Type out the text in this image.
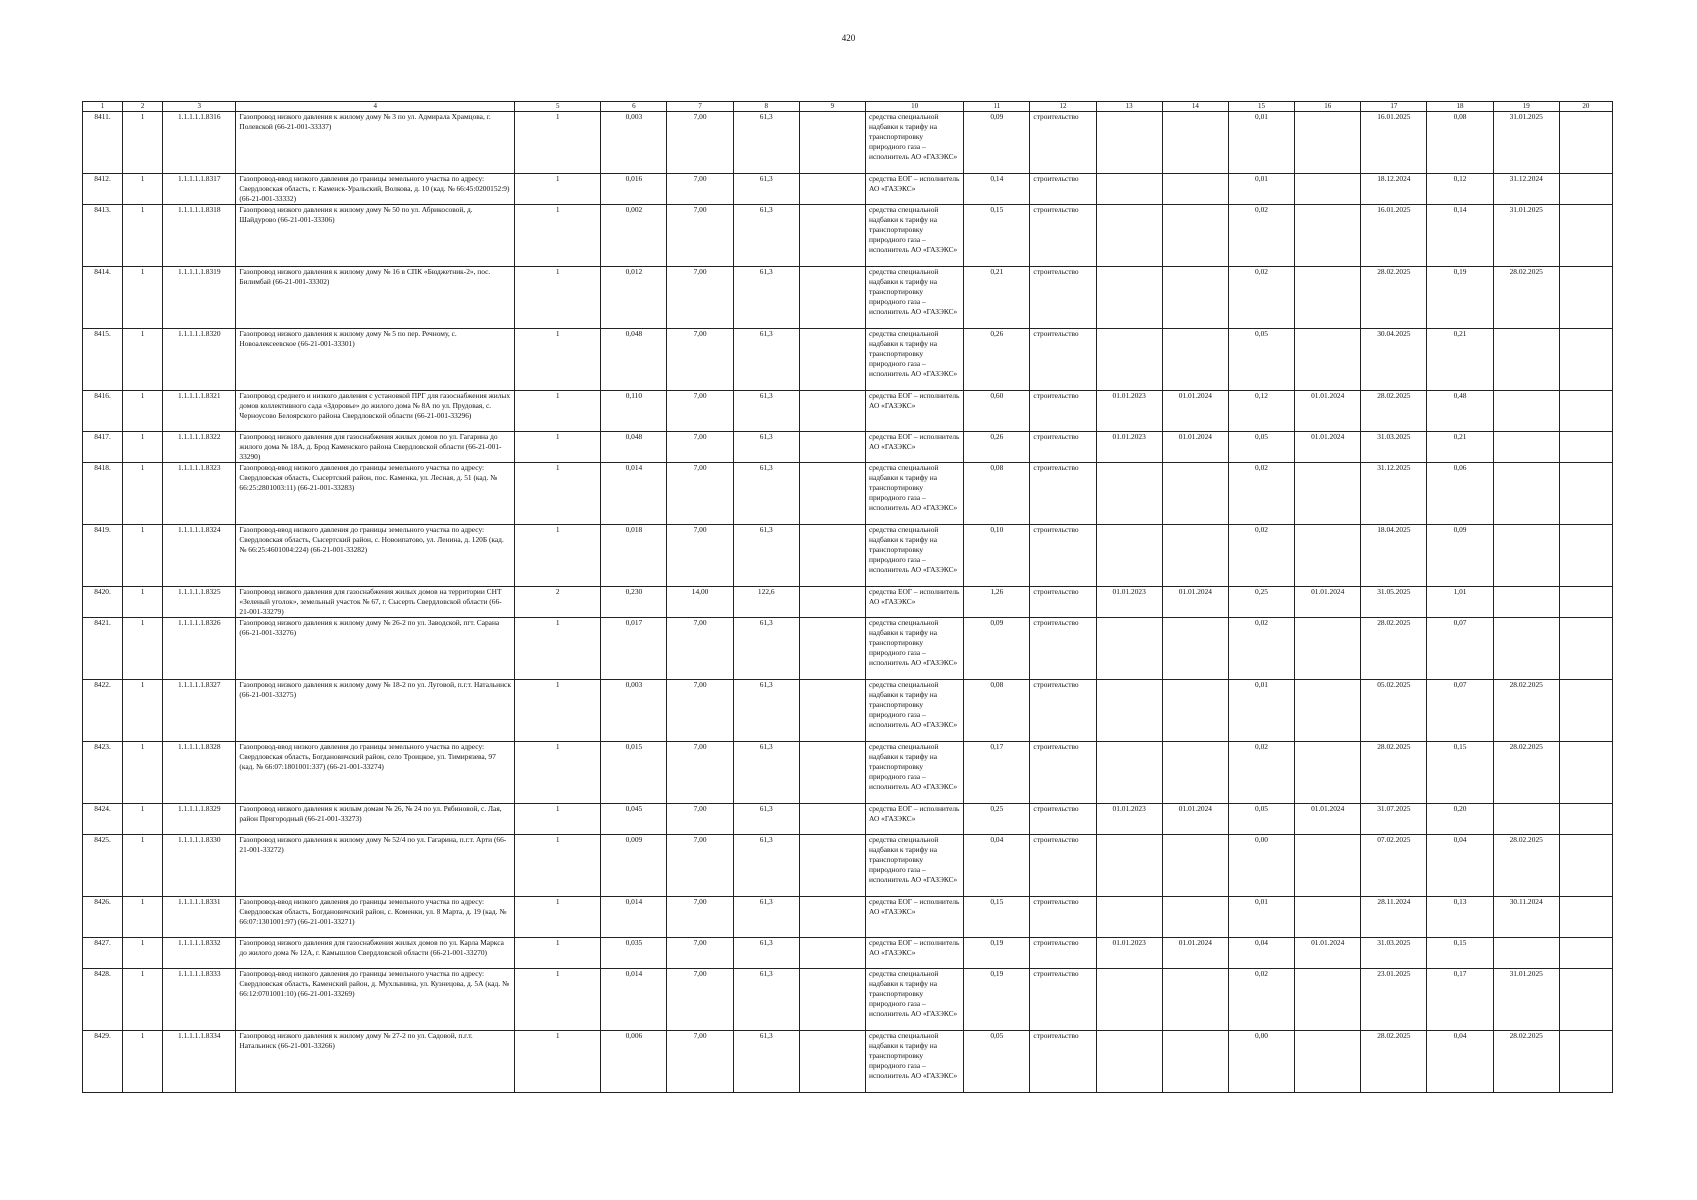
420
1	2	3	4	5	6	7	8	9	10	11	12	13	14	15	16	17	18	19	20
8411.	1	1.1.1.1.1.8316	Газопровод низкого давления к жилому дому № 3 по ул. Адмирала Храмцова, г. Полевской (66-21-001-33337)	1	0,003	7,00	61,3		средства специальной надбавки к тарифу на транспортировку природного газа – исполнитель АО «ГАЗЭКС»	0,09	строительство			0,01		16.01.2025	0,08	31.01.2025	
8412.	1	1.1.1.1.1.8317	Газопровод-ввод низкого давления до границы земельного участка по адресу: Свердловская область, г. Каменск-Уральский, Волкова, д. 10 (кад. № 66:45:0200152:9) (66-21-001-33332)	1	0,016	7,00	61,3		средства ЕОГ – исполнитель АО «ГАЗЭКС»	0,14	строительство			0,01		18.12.2024	0,12	31.12.2024	
8413.	1	1.1.1.1.1.8318	Газопровод низкого давления к жилому дому № 50 по ул. Абрикосовой, д. Шайдурово (66-21-001-33306)	1	0,002	7,00	61,3		средства специальной надбавки к тарифу на транспортировку природного газа – исполнитель АО «ГАЗЭКС»	0,15	строительство			0,02		16.01.2025	0,14	31.01.2025	
8414.	1	1.1.1.1.1.8319	Газопровод низкого давления к жилому дому № 16 в СПК «Бюджетник-2», пос. Билимбай (66-21-001-33302)	1	0,012	7,00	61,3		средства специальной надбавки к тарифу на транспортировку природного газа – исполнитель АО «ГАЗЭКС»	0,21	строительство			0,02		28.02.2025	0,19	28.02.2025	
8415.	1	1.1.1.1.1.8320	Газопровод низкого давления к жилому дому № 5 по пер. Речному, с. Новоалексеевское (66-21-001-33301)	1	0,048	7,00	61,3		средства специальной надбавки к тарифу на транспортировку природного газа – исполнитель АО «ГАЗЭКС»	0,26	строительство			0,05		30.04.2025	0,21		
8416.	1	1.1.1.1.1.8321	Газопровод среднего и низкого давления с установкой ПРГ для газоснабжения жилых домов коллективного сада «Здоровье» до жилого дома № 8А по ул. Прудовая, с. Черноусово Белоярского района Свердловской области (66-21-001-33296)	1	0,110	7,00	61,3		средства ЕОГ – исполнитель АО «ГАЗЭКС»	0,60	строительство	01.01.2023	01.01.2024	0,12	01.01.2024	28.02.2025	0,48		
8417.	1	1.1.1.1.1.8322	Газопровод низкого давления для газоснабжения жилых домов по ул. Гагарина до жилого дома № 18А, д. Брод Каменского района Свердловской области (66-21-001-33290)	1	0,048	7,00	61,3		средства ЕОГ – исполнитель АО «ГАЗЭКС»	0,26	строительство	01.01.2023	01.01.2024	0,05	01.01.2024	31.03.2025	0,21		
8418.	1	1.1.1.1.1.8323	Газопровод-ввод низкого давления до границы земельного участка по адресу: Свердловская область, Сысертский район, пос. Каменка, ул. Лесная, д. 51 (кад. № 66:25:2801003:11) (66-21-001-33283)	1	0,014	7,00	61,3		средства специальной надбавки к тарифу на транспортировку природного газа – исполнитель АО «ГАЗЭКС»	0,08	строительство			0,02		31.12.2025	0,06		
8419.	1	1.1.1.1.1.8324	Газопровод-ввод низкого давления до границы земельного участка по адресу: Свердловская область, Сысертский район, с. Новоипатово, ул. Ленина, д. 120Б (кад. № 66:25:4601004:224) (66-21-001-33282)	1	0,018	7,00	61,3		средства специальной надбавки к тарифу на транспортировку природного газа – исполнитель АО «ГАЗЭКС»	0,10	строительство			0,02		18.04.2025	0,09		
8420.	1	1.1.1.1.1.8325	Газопровод низкого давления для газоснабжения жилых домов на территории СНТ «Зеленый уголок», земельный участок № 67, г. Сысерть Свердловской области (66-21-001-33279)	2	0,230	14,00	122,6		средства ЕОГ – исполнитель АО «ГАЗЭКС»	1,26	строительство	01.01.2023	01.01.2024	0,25	01.01.2024	31.05.2025	1,01		
8421.	1	1.1.1.1.1.8326	Газопровод низкого давления к жилому дому № 26-2 по ул. Заводской, пгт. Сарана (66-21-001-33276)	1	0,017	7,00	61,3		средства специальной надбавки к тарифу на транспортировку природного газа – исполнитель АО «ГАЗЭКС»	0,09	строительство			0,02		28.02.2025	0,07		
8422.	1	1.1.1.1.1.8327	Газопровод низкого давления к жилому дому № 18-2 по ул. Луговой, п.г.т. Натальинск (66-21-001-33275)	1	0,003	7,00	61,3		средства специальной надбавки к тарифу на транспортировку природного газа – исполнитель АО «ГАЗЭКС»	0,08	строительство			0,01		05.02.2025	0,07	28.02.2025	
8423.	1	1.1.1.1.1.8328	Газопровод-ввод низкого давления до границы земельного участка по адресу: Свердловская область, Богдановичский район, село Троицкое, ул. Тимирязева, 97 (кад. № 66:07:1801001:337) (66-21-001-33274)	1	0,015	7,00	61,3		средства специальной надбавки к тарифу на транспортировку природного газа – исполнитель АО «ГАЗЭКС»	0,17	строительство			0,02		28.02.2025	0,15	28.02.2025	
8424.	1	1.1.1.1.1.8329	Газопровод низкого давления к жилым домам № 26, № 24 по ул. Рябиновой, с. Лая, район Пригородный (66-21-001-33273)	1	0,045	7,00	61,3		средства ЕОГ – исполнитель АО «ГАЗЭКС»	0,25	строительство	01.01.2023	01.01.2024	0,05	01.01.2024	31.07.2025	0,20		
8425.	1	1.1.1.1.1.8330	Газопровод низкого давления к жилому дому № 52/4 по ул. Гагарина, п.г.т. Арти (66-21-001-33272)	1	0,009	7,00	61,3		средства специальной надбавки к тарифу на транспортировку природного газа – исполнитель АО «ГАЗЭКС»	0,04	строительство			0,00		07.02.2025	0,04	28.02.2025	
8426.	1	1.1.1.1.1.8331	Газопровод-ввод низкого давления до границы земельного участка по адресу: Свердловская область, Богдановичский район, с. Коменки, ул. 8 Марта, д. 19 (кад. № 66:07:1301001:97) (66-21-001-33271)	1	0,014	7,00	61,3		средства ЕОГ – исполнитель АО «ГАЗЭКС»	0,15	строительство			0,01		28.11.2024	0,13	30.11.2024	
8427.	1	1.1.1.1.1.8332	Газопровод низкого давления для газоснабжения жилых домов по ул. Карла Маркса до жилого дома № 12А, г. Камышлов Свердловской области (66-21-001-33270)	1	0,035	7,00	61,3		средства ЕОГ – исполнитель АО «ГАЗЭКС»	0,19	строительство	01.01.2023	01.01.2024	0,04	01.01.2024	31.03.2025	0,15		
8428.	1	1.1.1.1.1.8333	Газопровод-ввод низкого давления до границы земельного участка по адресу: Свердловская область, Каменский район, д. Мухлынина, ул. Кузнецова, д. 5А (кад. № 66:12:0701001:10) (66-21-001-33269)	1	0,014	7,00	61,3		средства специальной надбавки к тарифу на транспортировку природного газа – исполнитель АО «ГАЗЭКС»	0,19	строительство			0,02		23.01.2025	0,17	31.01.2025	
8429.	1	1.1.1.1.1.8334	Газопровод низкого давления к жилому дому № 27-2 по ул. Садовой, п.г.т. Натальинск (66-21-001-33266)	1	0,006	7,00	61,3		средства специальной надбавки к тарифу на транспортировку природного газа – исполнитель АО «ГАЗЭКС»	0,05	строительство			0,00		28.02.2025	0,04	28.02.2025	
